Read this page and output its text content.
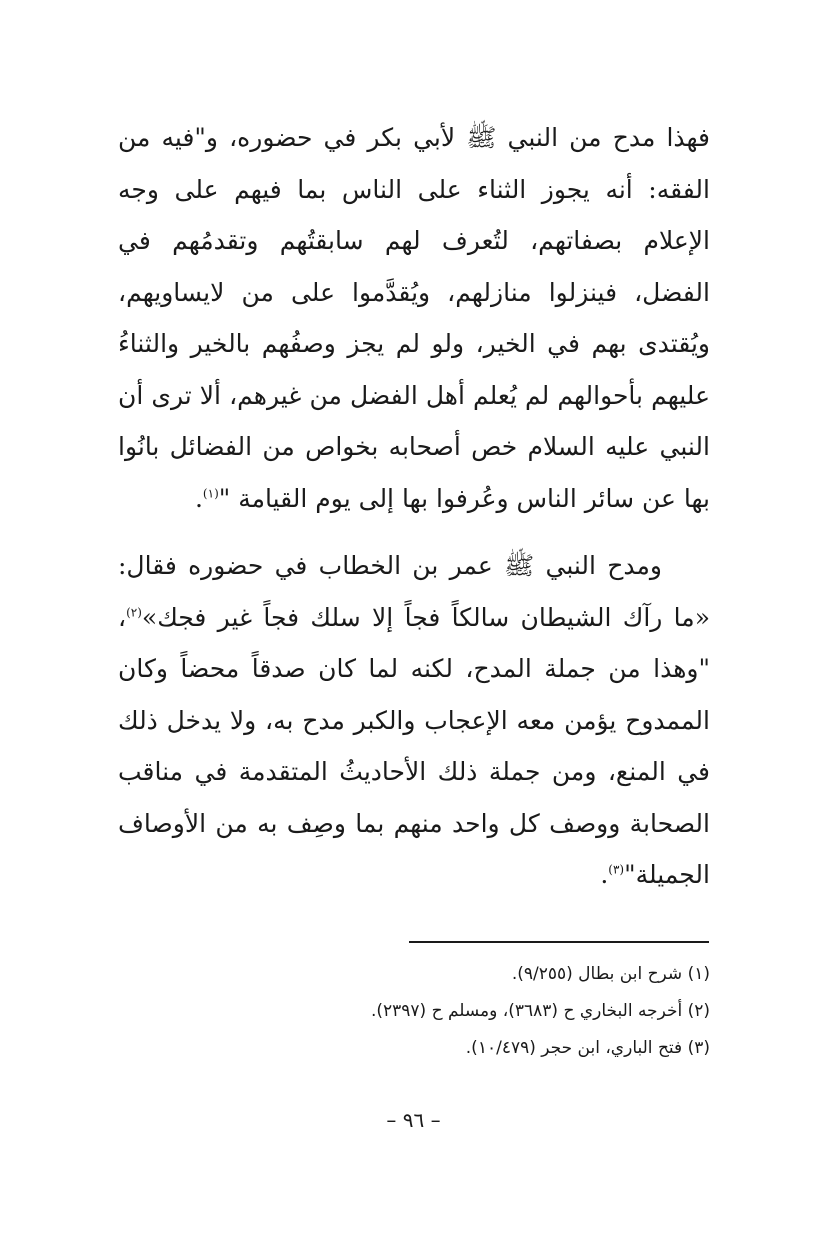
فهذا مدح من النبي ﷺ لأبي بكر في حضوره، و"فيه من الفقه: أنه يجوز الثناء على الناس بما فيهم على وجه الإعلام بصفاتهم، لتُعرف لهم سابقتُهم وتقدمُهم في الفضل، فينزلوا منازلهم، ويُقدَّموا على من لايساويهم، ويُقتدى بهم في الخير، ولو لم يجز وصفُهم بالخير والثناءُ عليهم بأحوالهم لم يُعلم أهل الفضل من غيرهم، ألا ترى أن النبي عليه السلام خص أصحابه بخواص من الفضائل بانُوا بها عن سائر الناس وعُرفوا بها إلى يوم القيامة "$^{(١)}$.

ومدح النبي ﷺ عمر بن الخطاب في حضوره فقال: «ما رآك الشيطان سالكاً فجاً إلا سلك فجاً غير فجك»$^{(٢)}$، "وهذا من جملة المدح، لكنه لما كان صدقاً محضاً وكان الممدوح يؤمن معه الإعجاب والكبر مدح به، ولا يدخل ذلك في المنع، ومن جملة ذلك الأحاديثُ المتقدمة في مناقب الصحابة ووصف كل واحد منهم بما وصِف به من الأوصاف الجميلة"$^{(٣)}$.

(١) شرح ابن بطال (٩/٢٥٥).

(٢) أخرجه البخاري ح (٣٦٨٣)، ومسلم ح (٢٣٩٧).

(٣) فتح الباري، ابن حجر (١٠/٤٧٩).

– ٩٦ –
